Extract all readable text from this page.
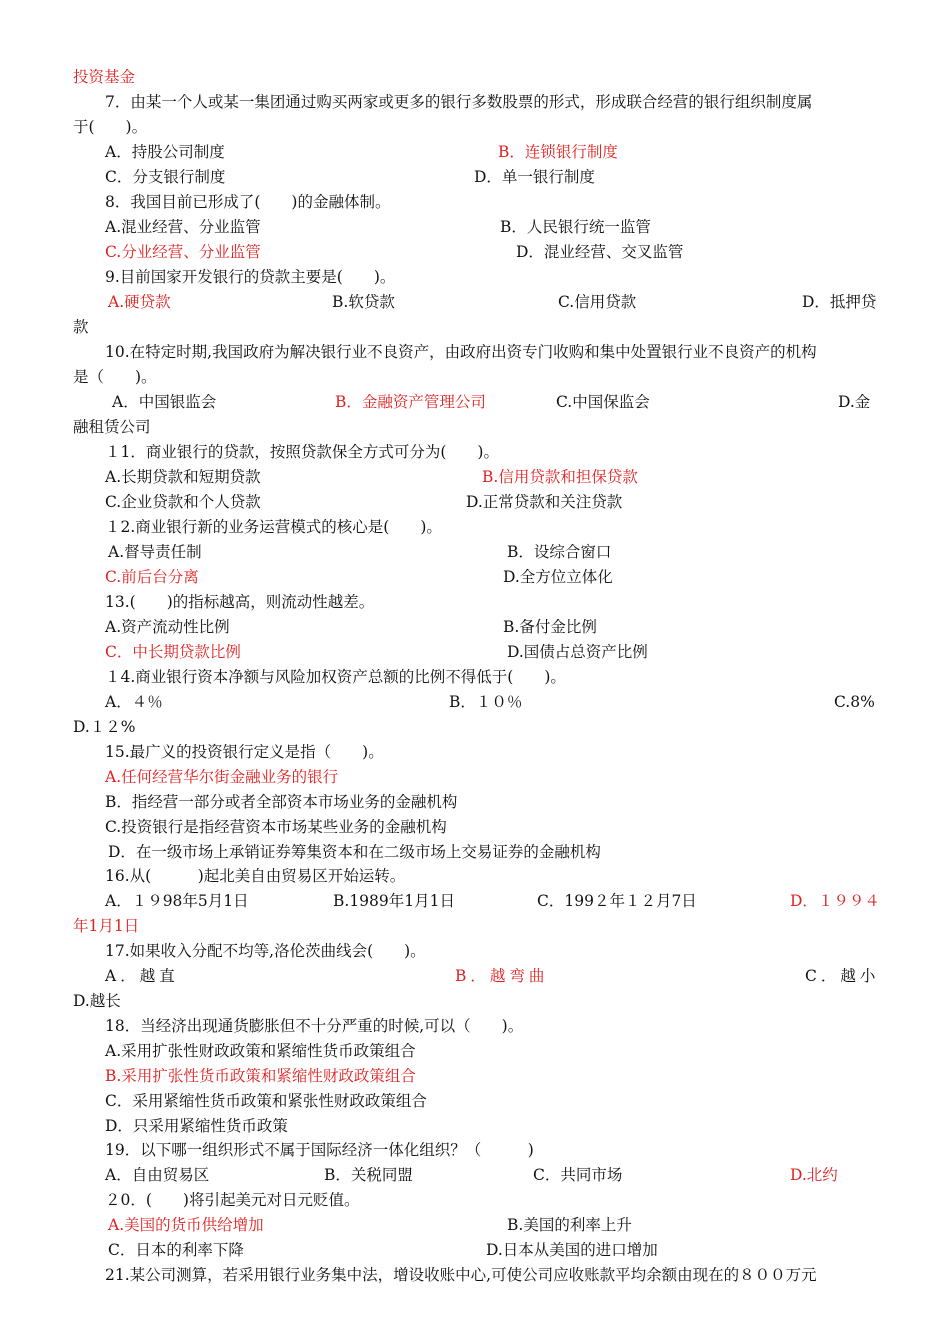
投资基金
7．由某一个人或某一集团通过购买两家或更多的银行多数股票的形式，形成联合经营的银行组织制度属
于(　　)。
A．持股公司制度	B．连锁银行制度
C．分支银行制度	D．单一银行制度
8．我国目前已形成了(　　)的金融体制。
A.混业经营、分业监管	B．人民银行统一监管
C.分业经营、分业监管	D．混业经营、交叉监管
9.目前国家开发银行的贷款主要是(　　)。
A.硬贷款	B.软贷款	C.信用贷款	D．抵押贷
款
10.在特定时期,我国政府为解决银行业不良资产，由政府出资专门收购和集中处置银行业不良资产的机构
是（　　)。
A．中国银监会	B．金融资产管理公司	C.中国保监会	D.金
融租赁公司
１1．商业银行的贷款，按照贷款保全方式可分为(　　)。
A.长期贷款和短期贷款	B.信用贷款和担保贷款
C.企业贷款和个人贷款	D.正常贷款和关注贷款
１2.商业银行新的业务运营模式的核心是(　　)。
A.督导责任制	B．设综合窗口
C.前后台分离	D.全方位立体化
13.(　　)的指标越高，则流动性越差。
A.资产流动性比例	B.备付金比例
C．中长期贷款比例	D.国债占总资产比例
１4.商业银行资本净额与风险加权资产总额的比例不得低于(　　)。
A．４％	B．１０％	C.8%
D.１２%
15.最广义的投资银行定义是指（　　)。
A.任何经营华尔街金融业务的银行
B．指经营一部分或者全部资本市场业务的金融机构
C.投资银行是指经营资本市场某些业务的金融机构
D．在一级市场上承销证券筹集资本和在二级市场上交易证券的金融机构
16.从(　　　)起北美自由贸易区开始运转。
A．１９98年5月1日	B.1989年1月1日	C．199２年１２月7日	D．１９９４
年1月1日
17.如果收入分配不均等,洛伦茨曲线会(　　)。
A．越直	B．越弯曲	C．越小
D.越长
18．当经济出现通货膨胀但不十分严重的时候,可以（　　)。
A.采用扩张性财政政策和紧缩性货币政策组合
B.采用扩张性货币政策和紧缩性财政政策组合
C．采用紧缩性货币政策和紧张性财政政策组合
D．只采用紧缩性货币政策
19．以下哪一组织形式不属于国际经济一体化组织？（　　　)
A．自由贸易区	B．关税同盟	C．共同市场	D.北约
２0．(　　)将引起美元对日元贬值。
A.美国的货币供给增加	B.美国的利率上升
C．日本的利率下降	D.日本从美国的进口增加
21.某公司测算，若采用银行业务集中法，增设收账中心,可使公司应收账款平均余额由现在的８００万元
